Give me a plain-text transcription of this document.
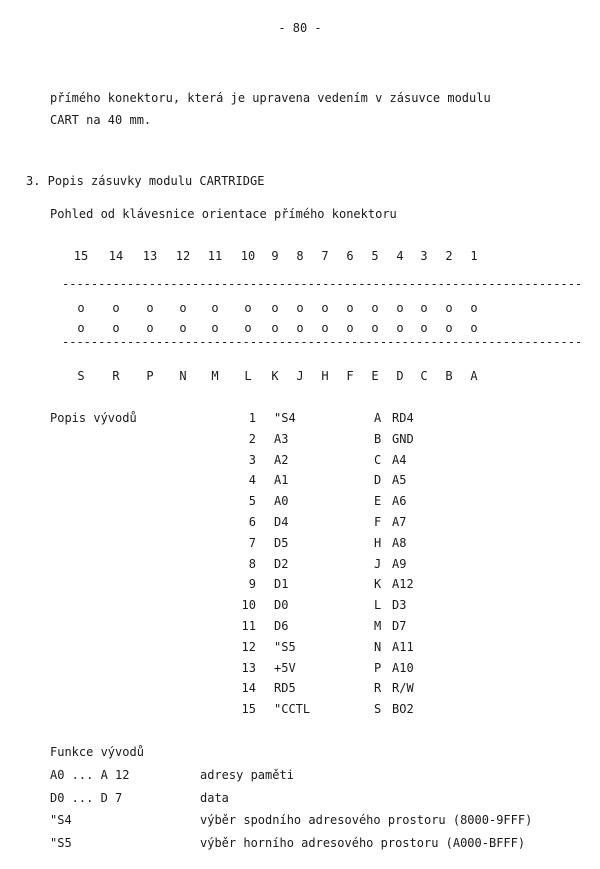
- 80 -
přímého konektoru, která je upravena vedením v zásuvce modulu
CART na 40 mm.
3. Popis zásuvky modulu CARTRIDGE
Pohled od klávesnice orientace přímého konektoru
15 14 13 12 11 10	9	8	7	6	5	4	3	2	1
------------------------------------------------------------------------
o	o	o	o	o	o	o	o	o	o	o	o	o	o	o
o	o	o	o	o	o	o	o	o	o	o	o	o	o	o
------------------------------------------------------------------------
S	R	P	N	M	L	K	J	H	F	E	D	C	B	A
Popis vývodů	1 "S4	A RD4
2 A3	B GND
3 A2	C A4
4 A1	D A5
5 A0	E A6
6 D4	F A7
7 D5	H A8
8 D2	J A9
9 D1	K A12
10 D0	L D3
11 D6	M D7
12 "S5	N A11
13 +5V	P A10
14 RD5	R R/W
15 "CCTL	S BO2
Funkce vývodů
A0 ... A 12	adresy paměti
D0 ... D 7	data
"S4	výběr spodního adresového prostoru (8000-9FFF)
"S5	výběr horního adresového prostoru (A000-BFFF)
